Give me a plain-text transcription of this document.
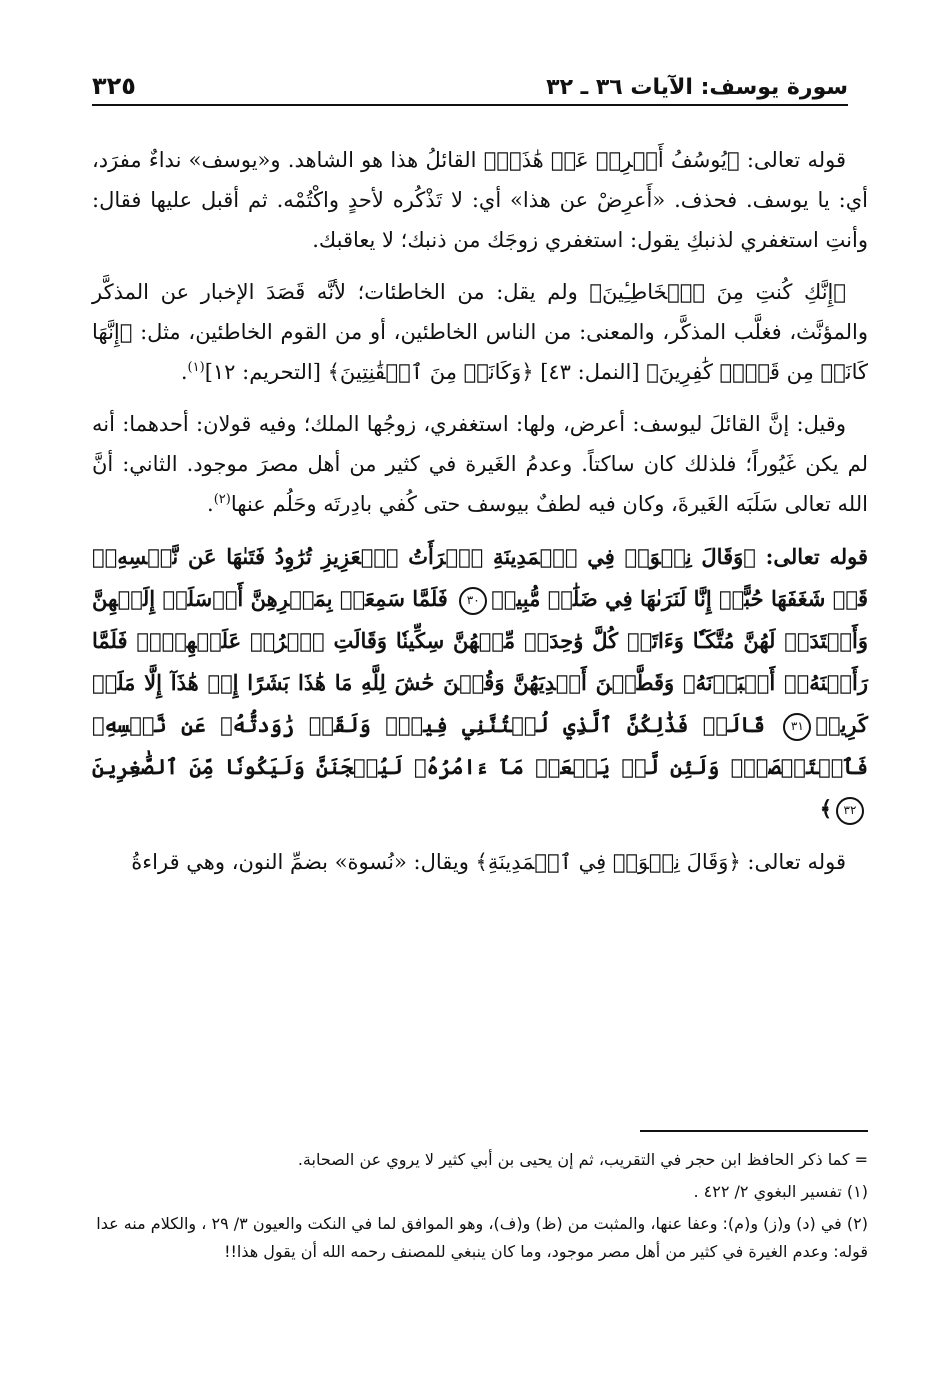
سورة يوسف: الآيات ٣٦ ـ ٣٢
٣٢٥

قوله تعالى: ﴿يُوسُفُ أَعۡرِضۡ عَنۡ هَٰذَاۚ﴾ القائلُ هذا هو الشاهد. و«يوسف» نداءٌ مفرَد، أي: يا يوسف. فحذف. «أَعرِضْ عن هذا» أي: لا تَذْكُره لأحدٍ واكْتُمْه. ثم أقبل عليها فقال: وأنتِ استغفري لذنبكِ يقول: استغفري زوجَك من ذنبك؛ لا يعاقبك.

﴿إِنَّكِ كُنتِ مِنَ ٱلۡخَاطِـِٔينَ﴾ ولم يقل: من الخاطئات؛ لأنَّه قَصَدَ الإخبار عن المذكَّر والمؤنَّث، فغلَّب المذكَّر، والمعنى: من الناس الخاطئين، أو من القوم الخاطئين، مثل: ﴿إِنَّهَا كَانَتۡ مِن قَوۡمٖ كَٰفِرِينَ﴾ [النمل: ٤٣] ﴿وَكَانَتۡ مِنَ ٱلۡقَٰنِتِينَ﴾ [التحريم: ١٢]$^{(١)}$.

وقيل: إنَّ القائلَ ليوسف: أعرض، ولها: استغفري، زوجُها الملك؛ وفيه قولان: أحدهما: أنه لم يكن غَيُوراً؛ فلذلك كان ساكتاً. وعدمُ الغَيرة في كثير من أهل مصرَ موجود. الثاني: أنَّ الله تعالى سَلَبَه الغَيرةَ، وكان فيه لطفٌ بيوسف حتى كُفي بادِرتَه وحَلُم عنها$^{(٢)}$.

قوله تعالى: ﴿وَقَالَ نِسۡوَةٞ فِي ٱلۡمَدِينَةِ ٱمۡرَأَتُ ٱلۡعَزِيزِ تُرَٰوِدُ فَتَىٰهَا عَن نَّفۡسِهِۦۖ قَدۡ شَغَفَهَا حُبًّاۖ إِنَّا لَنَرَىٰهَا فِي ضَلَٰلٖ مُّبِينٖ٣٠ فَلَمَّا سَمِعَتۡ بِمَكۡرِهِنَّ أَرۡسَلَتۡ إِلَيۡهِنَّ وَأَعۡتَدَتۡ لَهُنَّ مُتَّكَـٔٗا وَءَاتَتۡ كُلَّ وَٰحِدَةٖ مِّنۡهُنَّ سِكِّينٗا وَقَالَتِ ٱخۡرُجۡ عَلَيۡهِنَّۖ فَلَمَّا رَأَيۡنَهُۥٓ أَكۡبَرۡنَهُۥ وَقَطَّعۡنَ أَيۡدِيَهُنَّ وَقُلۡنَ حَٰشَ لِلَّهِ مَا هَٰذَا بَشَرًا إِنۡ هَٰذَآ إِلَّا مَلَكٞ كَرِيمٞ٣١ قَالَتۡ فَذَٰلِكُنَّ ٱلَّذِي لُمۡتُنَّنِي فِيهِۖ وَلَقَدۡ رَٰوَدتُّهُۥ عَن نَّفۡسِهِۦ فَٱسۡتَعۡصَمَۖ وَلَئِن لَّمۡ يَفۡعَلۡ مَآ ءَامُرُهُۥ لَيُسۡجَنَنَّ وَلَيَكُونٗا مِّنَ ٱلصَّٰغِرِينَ٣٢﴾

قوله تعالى: ﴿وَقَالَ نِسۡوَةٞ فِي ٱلۡمَدِينَةِ﴾ ويقال: «نُسوة» بضمِّ النون، وهي قراءةُ

= كما ذكر الحافظ ابن حجر في التقريب، ثم إن يحيى بن أبي كثير لا يروي عن الصحابة.

(١) تفسير البغوي ٢/ ٤٢٢ .

(٢) في (د) و(ز) و(م): وعفا عنها، والمثبت من (ظ) و(ف)، وهو الموافق لما في النكت والعيون ٣/ ٢٩ ، والكلام منه عدا قوله: وعدم الغيرة في كثير من أهل مصر موجود، وما كان ينبغي للمصنف رحمه الله أن يقول هذا!!
